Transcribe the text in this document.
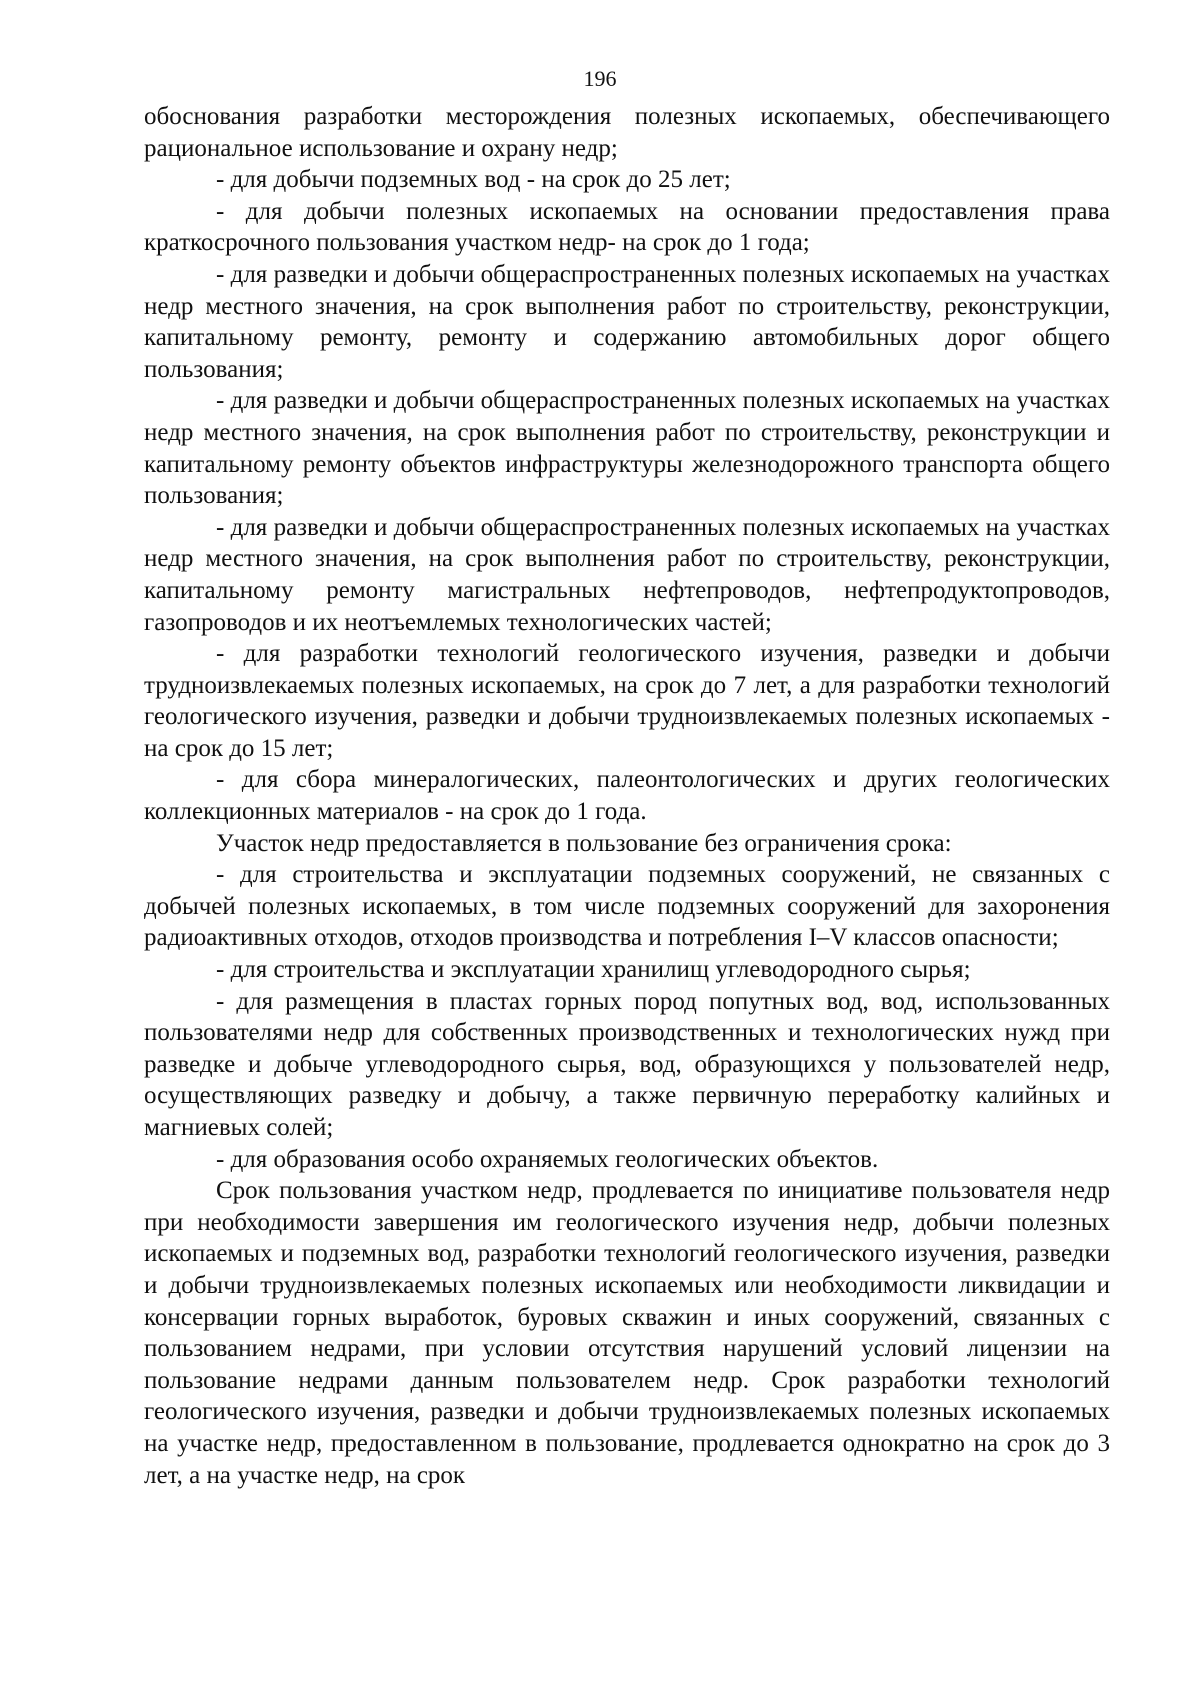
196

обоснования разработки месторождения полезных ископаемых, обеспечивающего рациональное использование и охрану недр;

- для добычи подземных вод - на срок до 25 лет;

- для добычи полезных ископаемых на основании предоставления права краткосрочного пользования участком недр- на срок до 1 года;

- для разведки и добычи общераспространенных полезных ископаемых на участках недр местного значения, на срок выполнения работ по строительству, реконструкции, капитальному ремонту, ремонту и содержанию автомобильных дорог общего пользования;

- для разведки и добычи общераспространенных полезных ископаемых на участках недр местного значения, на срок выполнения работ по строительству, реконструкции и капитальному ремонту объектов инфраструктуры железнодорожного транспорта общего пользования;

- для разведки и добычи общераспространенных полезных ископаемых на участках недр местного значения, на срок выполнения работ по строительству, реконструкции, капитальному ремонту магистральных нефтепроводов, нефтепродуктопроводов, газопроводов и их неотъемлемых технологических частей;

- для разработки технологий геологического изучения, разведки и добычи трудноизвлекаемых полезных ископаемых, на срок до 7 лет, а для разработки технологий геологического изучения, разведки и добычи трудноизвлекаемых полезных ископаемых - на срок до 15 лет;

- для сбора минералогических, палеонтологических и других геологических коллекционных материалов - на срок до 1 года.

Участок недр предоставляется в пользование без ограничения срока:

- для строительства и эксплуатации подземных сооружений, не связанных с добычей полезных ископаемых, в том числе подземных сооружений для захоронения радиоактивных отходов, отходов производства и потребления I–V классов опасности;

- для строительства и эксплуатации хранилищ углеводородного сырья;

- для размещения в пластах горных пород попутных вод, вод, использованных пользователями недр для собственных производственных и технологических нужд при разведке и добыче углеводородного сырья, вод, образующихся у пользователей недр, осуществляющих разведку и добычу, а также первичную переработку калийных и магниевых солей;

- для образования особо охраняемых геологических объектов.

Срок пользования участком недр, продлевается по инициативе пользователя недр при необходимости завершения им геологического изучения недр, добычи полезных ископаемых и подземных вод, разработки технологий геологического изучения, разведки и добычи трудноизвлекаемых полезных ископаемых или необходимости ликвидации и консервации горных выработок, буровых скважин и иных сооружений, связанных с пользованием недрами, при условии отсутствия нарушений условий лицензии на пользование недрами данным пользователем недр. Срок разработки технологий геологического изучения, разведки и добычи трудноизвлекаемых полезных ископаемых на участке недр, предоставленном в пользование, продлевается однократно на срок до 3 лет, а на участке недр, на срок
